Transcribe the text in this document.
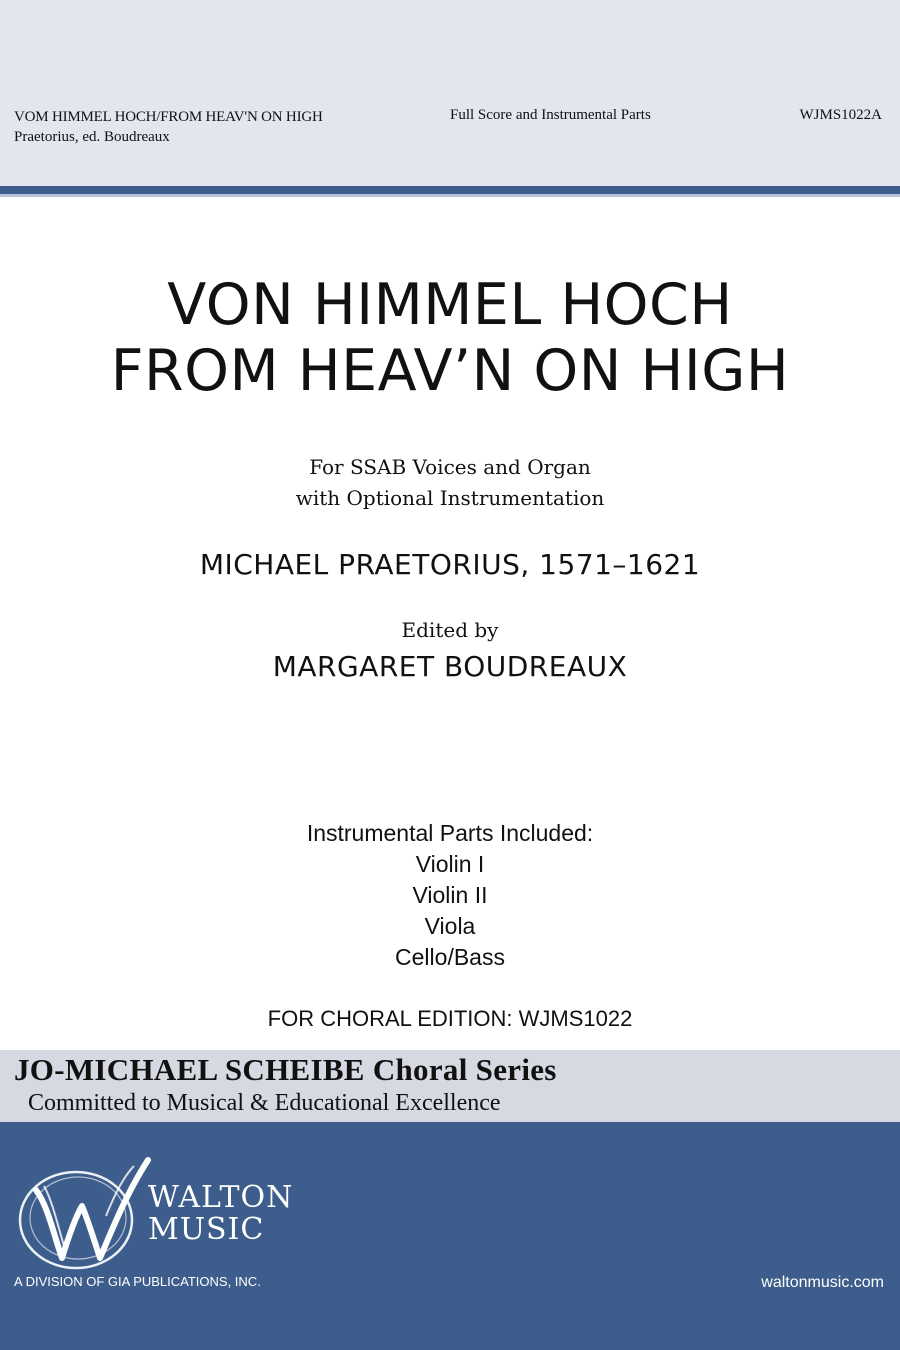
VOM HIMMEL HOCH/FROM HEAV'N ON HIGH
Praetorius, ed. Boudreaux
Full Score and Instrumental Parts	WJMS1022A
VON HIMMEL HOCH
FROM HEAV’N ON HIGH
For SSAB Voices and Organ
with Optional Instrumentation
MICHAEL PRAETORIUS, 1571–1621
Edited by
MARGARET BOUDREAUX
Instrumental Parts Included:
Violin I
Violin II
Viola
Cello/Bass
FOR CHORAL EDITION: WJMS1022
JO-MICHAEL SCHEIBE Choral Series
Committed to Musical & Educational Excellence
WALTON
MUSIC
A DIVISION OF GIA PUBLICATIONS, INC.	waltonmusic.com
